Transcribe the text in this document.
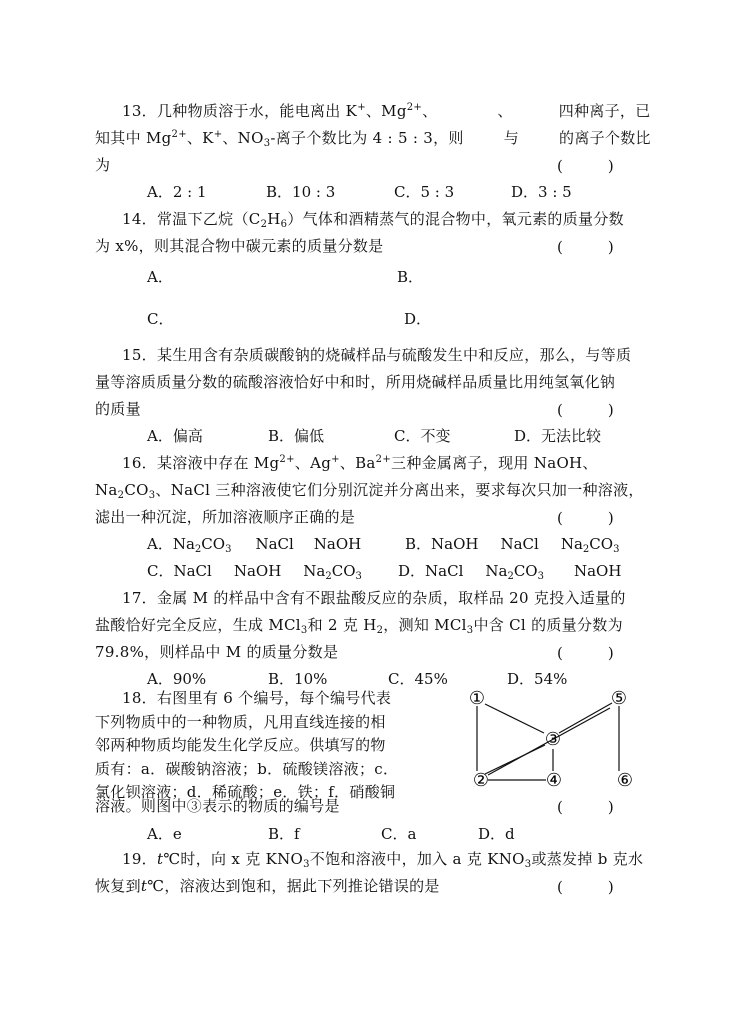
13．几种物质溶于水，能电离出 K+、$Mg^{2+}$、	、	四种离子，已
知其中 $Mg^{2+}$、K+、$NO_3-$离子个数比为 4 : 5 : 3，则	与	的离子个数比
为	(　　　)
A．2 : 1	B．10 : 3	C．5 : 3	D．3 : 5
14．常温下乙烷$(C_2H_6)$气体和酒精蒸气的混合物中，氧元素的质量分数
为 x%，则其混合物中碳元素的质量分数是	(　　　)
A．	B．
C．	D．
15．某生用含有杂质碳酸钠的烧碱样品与硫酸发生中和反应，那么，与等质
量等溶质质量分数的硫酸溶液恰好中和时，所用烧碱样品质量比用纯氢氧化钠
的质量	(　　　)
A．偏高	B．偏低	C．不变	D．无法比较
16．某溶液中存在 $Mg^{2+}$、Ag+、$Ba^{2+}$三种金属离子，现用 NaOH、
$Na_2CO_3$、NaCl 三种溶液使它们分别沉淀并分离出来，要求每次只加一种溶液，
滤出一种沉淀，所加溶液顺序正确的是	(　　　)
A．$Na_2CO_3$ NaCl NaOH	B．NaOH NaCl $Na_2CO_3$
C．NaCl NaOH $Na_2CO_3$ D．NaCl $Na_2CO_3$ NaOH
17．金属 M 的样品中含有不跟盐酸反应的杂质，取样品 20 克投入适量的
盐酸恰好完全反应，生成 MCl$_3$和 2 克 $H_2$，测知 MCl$_3$中含 Cl 的质量分数为
79.8%，则样品中 M 的质量分数是	(　　　)
A．90%	B．10%	C．45%	D．54%
18．右图里有 6 个编号，每个编号代表
下列物质中的一种物质，凡用直线连接的相
邻两种物质均能发生化学反应。供填写的物
质有：a．碳酸钠溶液；b．硫酸镁溶液；c．
氯化钡溶液；d．稀硫酸；e．铁；f．硝酸铜
溶液。则图中③表示的物质的编号是	(　　　)
A．e	B．f	C．a	D．d
①	⑤
③
②	④	⑥
19．t℃时，向 x 克 $KNO_3$不饱和溶液中，加入 a 克 $KNO_3$或蒸发掉 b 克水
恢复到t℃，溶液达到饱和，据此下列推论错误的是	(　　　)
